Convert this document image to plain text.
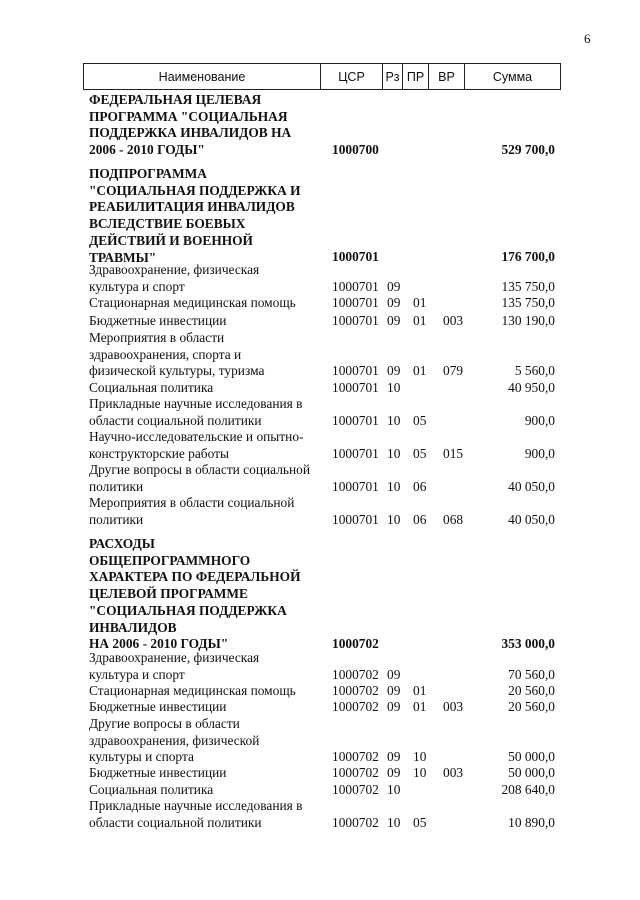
6
Наименование	ЦСР	Рз ПР	ВР	Сумма
ФЕДЕРАЛЬНАЯ ЦЕЛЕВАЯ
ПРОГРАММА "СОЦИАЛЬНАЯ
ПОДДЕРЖКА ИНВАЛИДОВ НА
2006 - 2010 ГОДЫ"	1000700	529 700,0
ПОДПРОГРАММА
"СОЦИАЛЬНАЯ ПОДДЕРЖКА И
РЕАБИЛИТАЦИЯ ИНВАЛИДОВ
ВСЛЕДСТВИЕ БОЕВЫХ
ДЕЙСТВИЙ И ВОЕННОЙ
ТРАВМЫ"	1000701	176 700,0
Здравоохранение, физическая
культура и спорт	1000701 09	135 750,0
Стационарная медицинская помощь	1000701 09 01	135 750,0
Бюджетные инвестиции	1000701 09 01 003	130 190,0
Мероприятия в области
здравоохранения, спорта и
физической культуры, туризма	1000701 09 01 079	5 560,0
Социальная политика	1000701 10	40 950,0
Прикладные научные исследования в
области социальной политики	1000701 10 05	900,0
Научно-исследовательские и опытно-
конструкторские работы	1000701 10 05 015	900,0
Другие вопросы в области социальной
политики	1000701 10 06	40 050,0
Мероприятия в области социальной
политики	1000701 10 06 068	40 050,0
РАСХОДЫ
ОБЩЕПРОГРАММНОГО
ХАРАКТЕРА ПО ФЕДЕРАЛЬНОЙ
ЦЕЛЕВОЙ ПРОГРАММЕ
"СОЦИАЛЬНАЯ ПОДДЕРЖКА
ИНВАЛИДОВ
НА 2006 - 2010 ГОДЫ"	1000702	353 000,0
Здравоохранение, физическая
культура и спорт	1000702 09	70 560,0
Стационарная медицинская помощь	1000702 09 01	20 560,0
Бюджетные инвестиции	1000702 09 01 003	20 560,0
Другие вопросы в области
здравоохранения, физической
культуры и спорта	1000702 09 10	50 000,0
Бюджетные инвестиции	1000702 09 10 003	50 000,0
Социальная политика	1000702 10	208 640,0
Прикладные научные исследования в
области социальной политики	1000702 10 05	10 890,0
